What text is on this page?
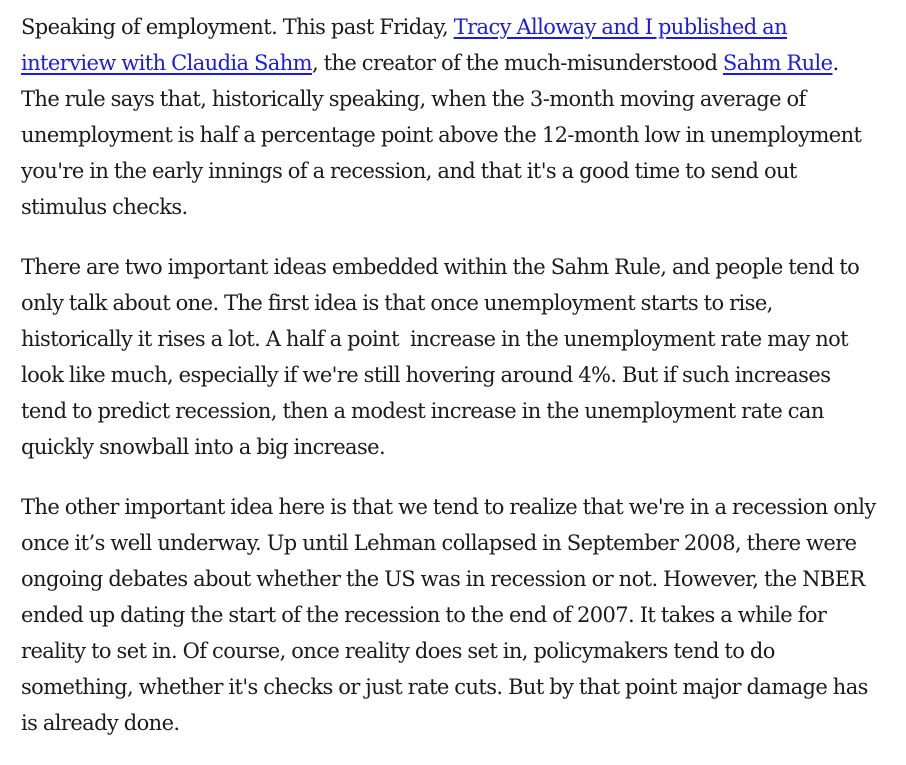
Speaking of employment. This past Friday, Tracy Alloway and I published an interview with Claudia Sahm, the creator of the much-misunderstood Sahm Rule. The rule says that, historically speaking, when the 3-month moving average of unemployment is half a percentage point above the 12-month low in unemployment you're in the early innings of a recession, and that it's a good time to send out stimulus checks.

There are two important ideas embedded within the Sahm Rule, and people tend to only talk about one. The first idea is that once unemployment starts to rise, historically it rises a lot. A half a point  increase in the unemployment rate may not look like much, especially if we're still hovering around 4%. But if such increases tend to predict recession, then a modest increase in the unemployment rate can quickly snowball into a big increase.

The other important idea here is that we tend to realize that we're in a recession only once it’s well underway. Up until Lehman collapsed in September 2008, there were ongoing debates about whether the US was in recession or not. However, the NBER ended up dating the start of the recession to the end of 2007. It takes a while for reality to set in. Of course, once reality does set in, policymakers tend to do something, whether it's checks or just rate cuts. But by that point major damage has is already done.
